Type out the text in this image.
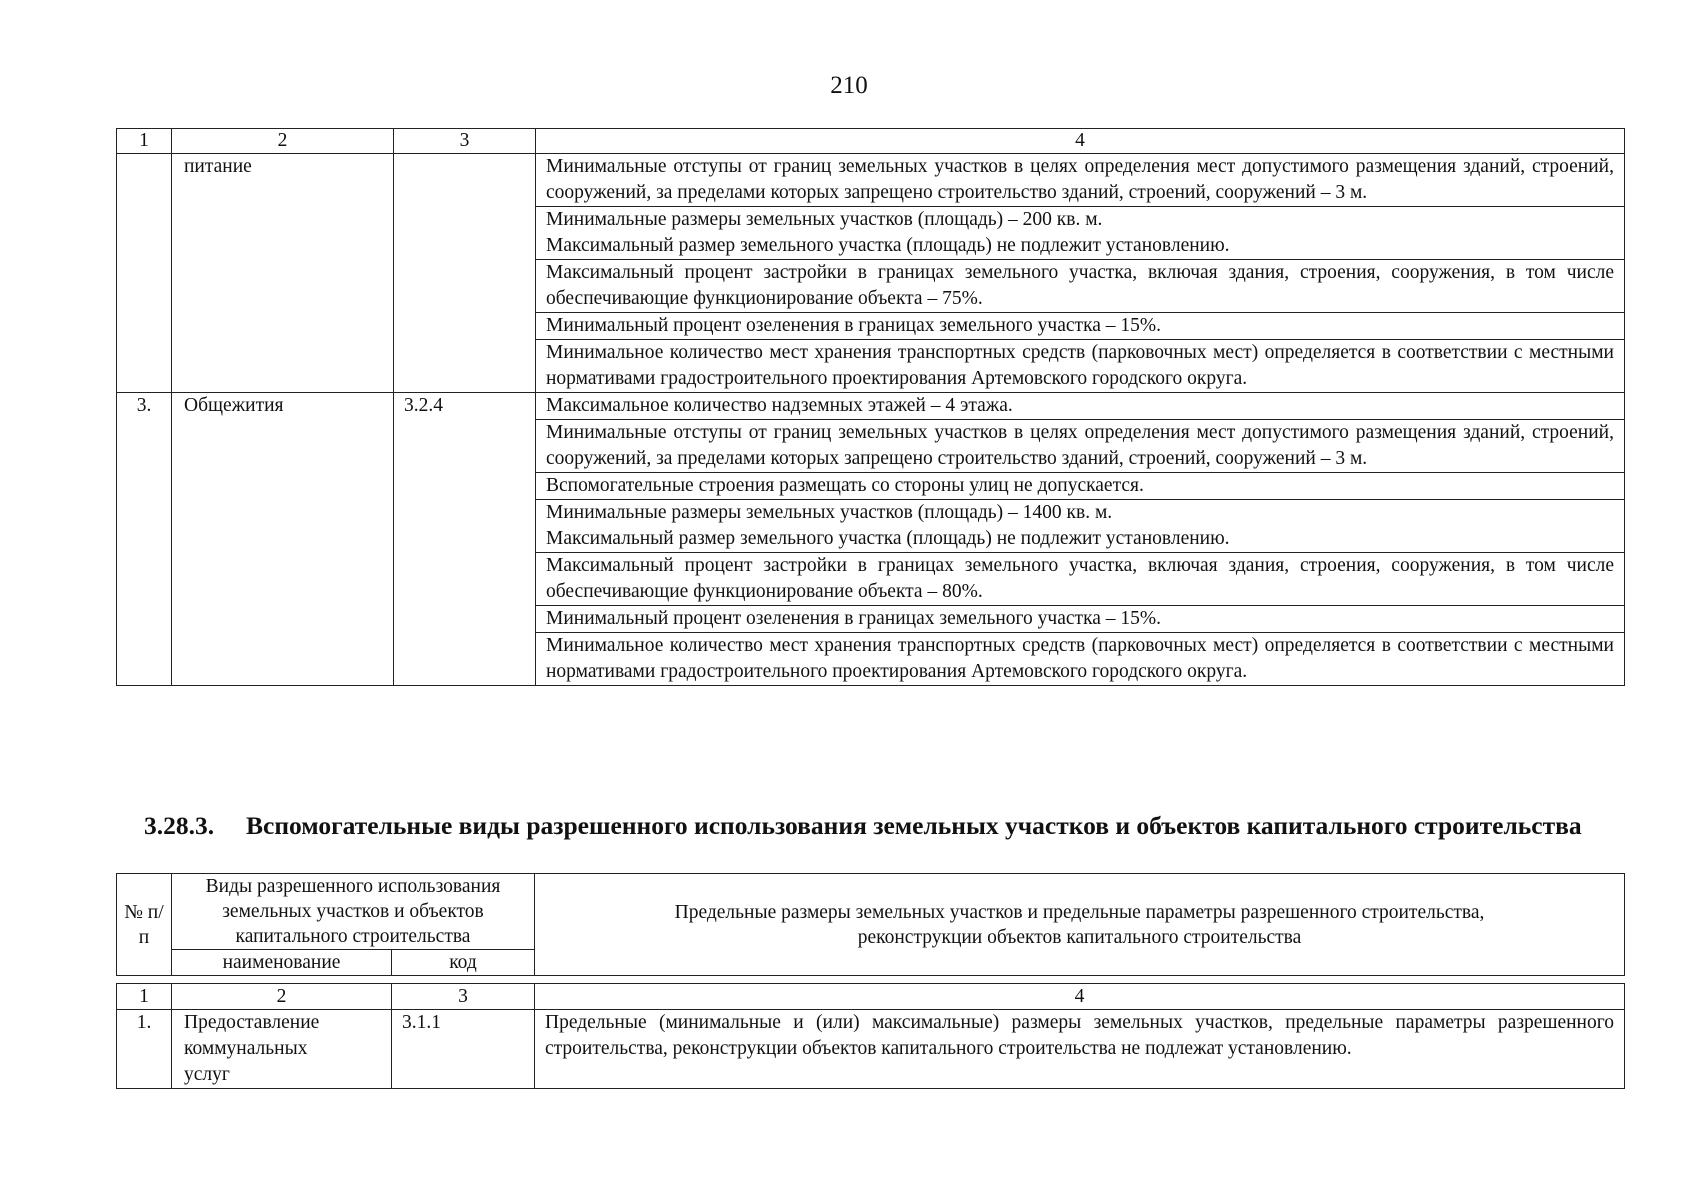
210
1	2	3	4
	питание		Минимальные отступы от границ земельных участков в целях определения мест допустимого размещения зданий, строений, сооружений, за пределами которых запрещено строительство зданий, строений, сооружений – 3 м.
			Минимальные размеры земельных участков (площадь) – 200 кв. м.
Максимальный размер земельного участка (площадь) не подлежит установлению.
			Максимальный процент застройки в границах земельного участка, включая здания, строения, сооружения, в том числе обеспечивающие функционирование объекта – 75%.
			Минимальный процент озеленения в границах земельного участка – 15%.
			Минимальное количество мест хранения транспортных средств (парковочных мест) определяется в соответствии с местными нормативами градостроительного проектирования Артемовского городского округа.
3.	Общежития	3.2.4	Максимальное количество надземных этажей – 4 этажа.
			Минимальные отступы от границ земельных участков в целях определения мест допустимого размещения зданий, строений, сооружений, за пределами которых запрещено строительство зданий, строений, сооружений – 3 м.
			Вспомогательные строения размещать со стороны улиц не допускается.
			Минимальные размеры земельных участков (площадь) – 1400 кв. м.
Максимальный размер земельного участка (площадь) не подлежит установлению.
			Максимальный процент застройки в границах земельного участка, включая здания, строения, сооружения, в том числе обеспечивающие функционирование объекта – 80%.
			Минимальный процент озеленения в границах земельного участка – 15%.
			Минимальное количество мест хранения транспортных средств (парковочных мест) определяется в соответствии с местными нормативами градостроительного проектирования Артемовского городского округа.
3.28.3. Вспомогательные виды разрешенного использования земельных участков и объектов капитального строительства
№ п/п	Виды разрешенного использования земельных участков и объектов капитального строительства		Предельные размеры земельных участков и предельные параметры разрешенного строительства, реконструкции объектов капитального строительства
	наименование	код	
1	2	3	4
1.	Предоставление коммунальных услуг	3.1.1	Предельные (минимальные и (или) максимальные) размеры земельных участков, предельные параметры разрешенного строительства, реконструкции объектов капитального строительства не подлежат установлению.
